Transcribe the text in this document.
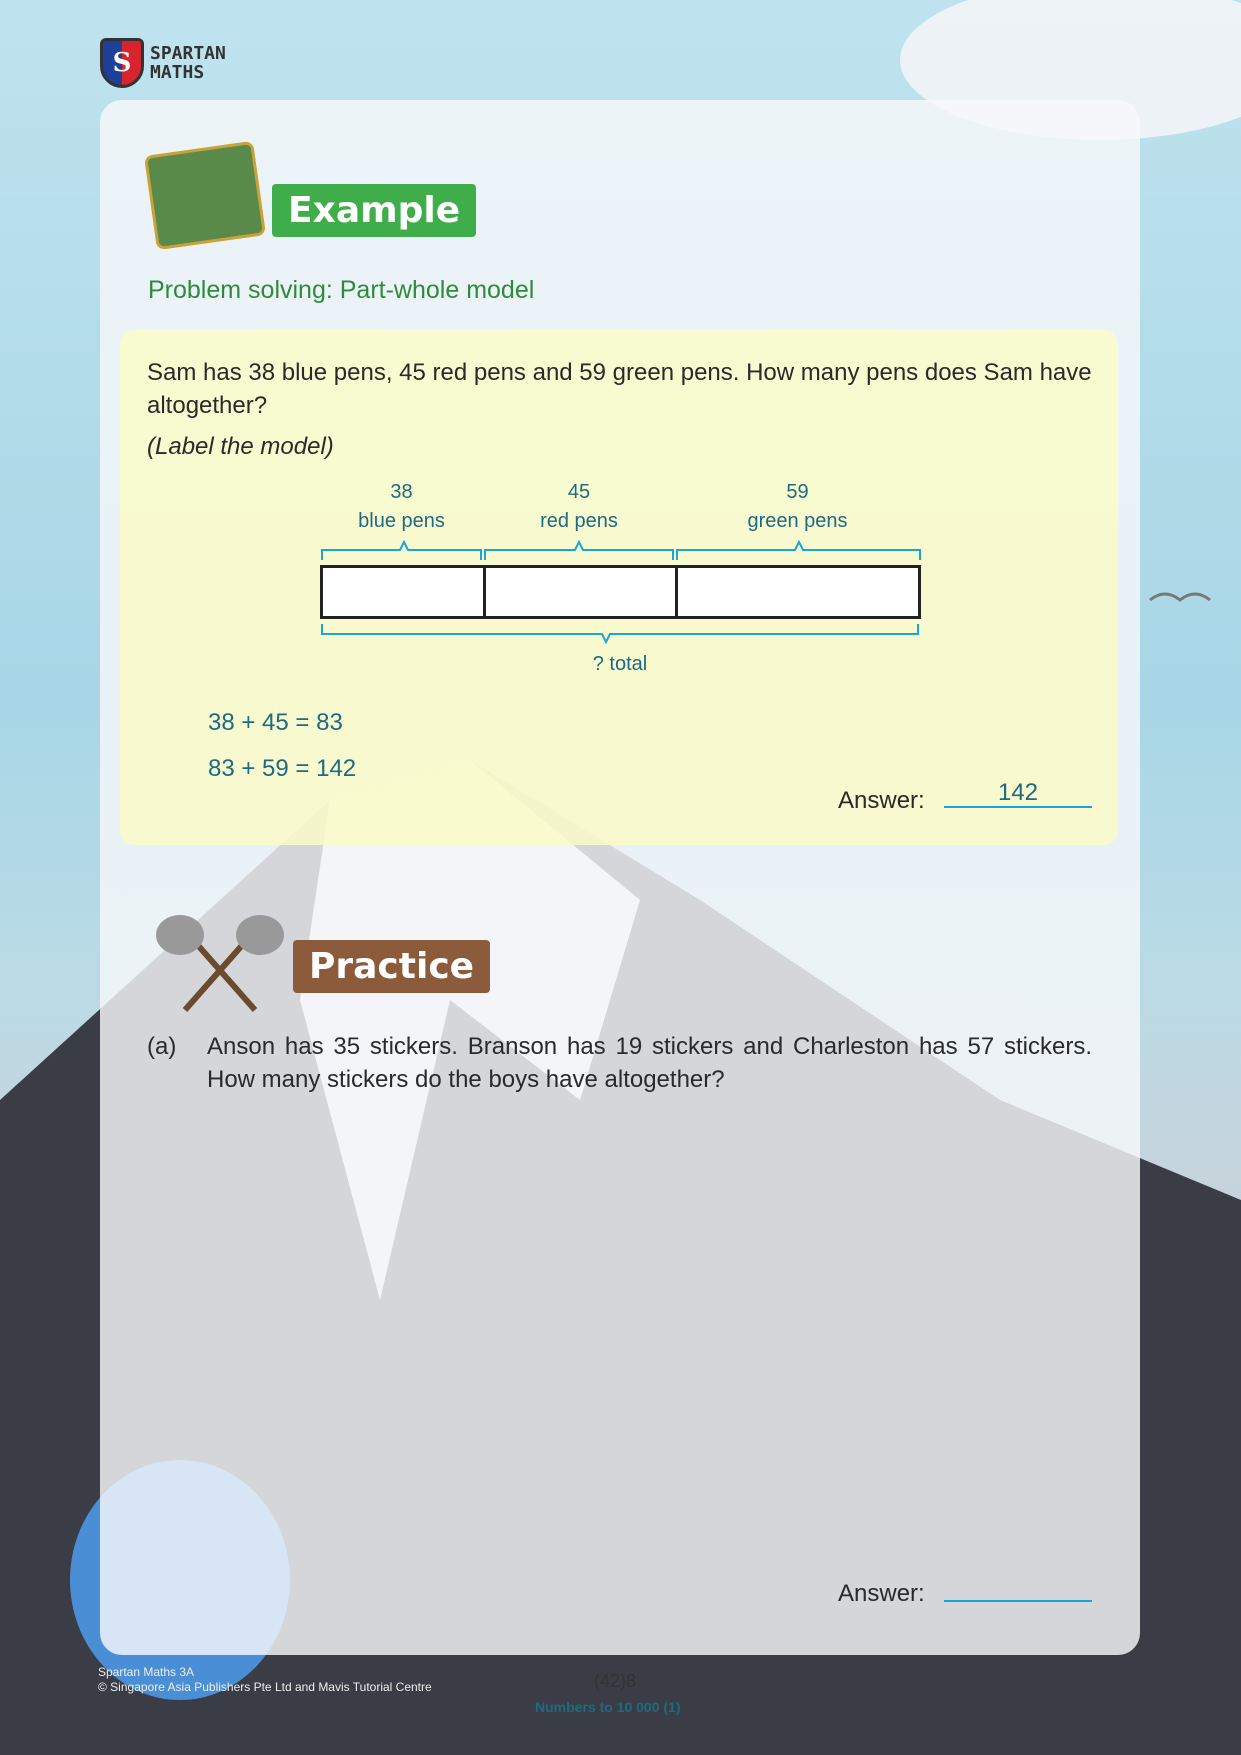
S	SPARTAN
MATHS
Example
Problem solving: Part-whole model
Sam has 38 blue pens, 45 red pens and 59 green pens. How many pens does Sam have altogether?
(Label the model)
38
blue pens
45
red pens
59
green pens
? total
38 + 45 = 83
83 + 59 = 142
Answer:	142
Practice
(a) Anson has 35 stickers. Branson has 19 stickers and Charleston has 57 stickers. How many stickers do the boys have altogether?
Answer:
Spartan Maths 3A
© Singapore Asia Publishers Pte Ltd and Mavis Tutorial Centre	(42)8
Numbers to 10 000 (1)
